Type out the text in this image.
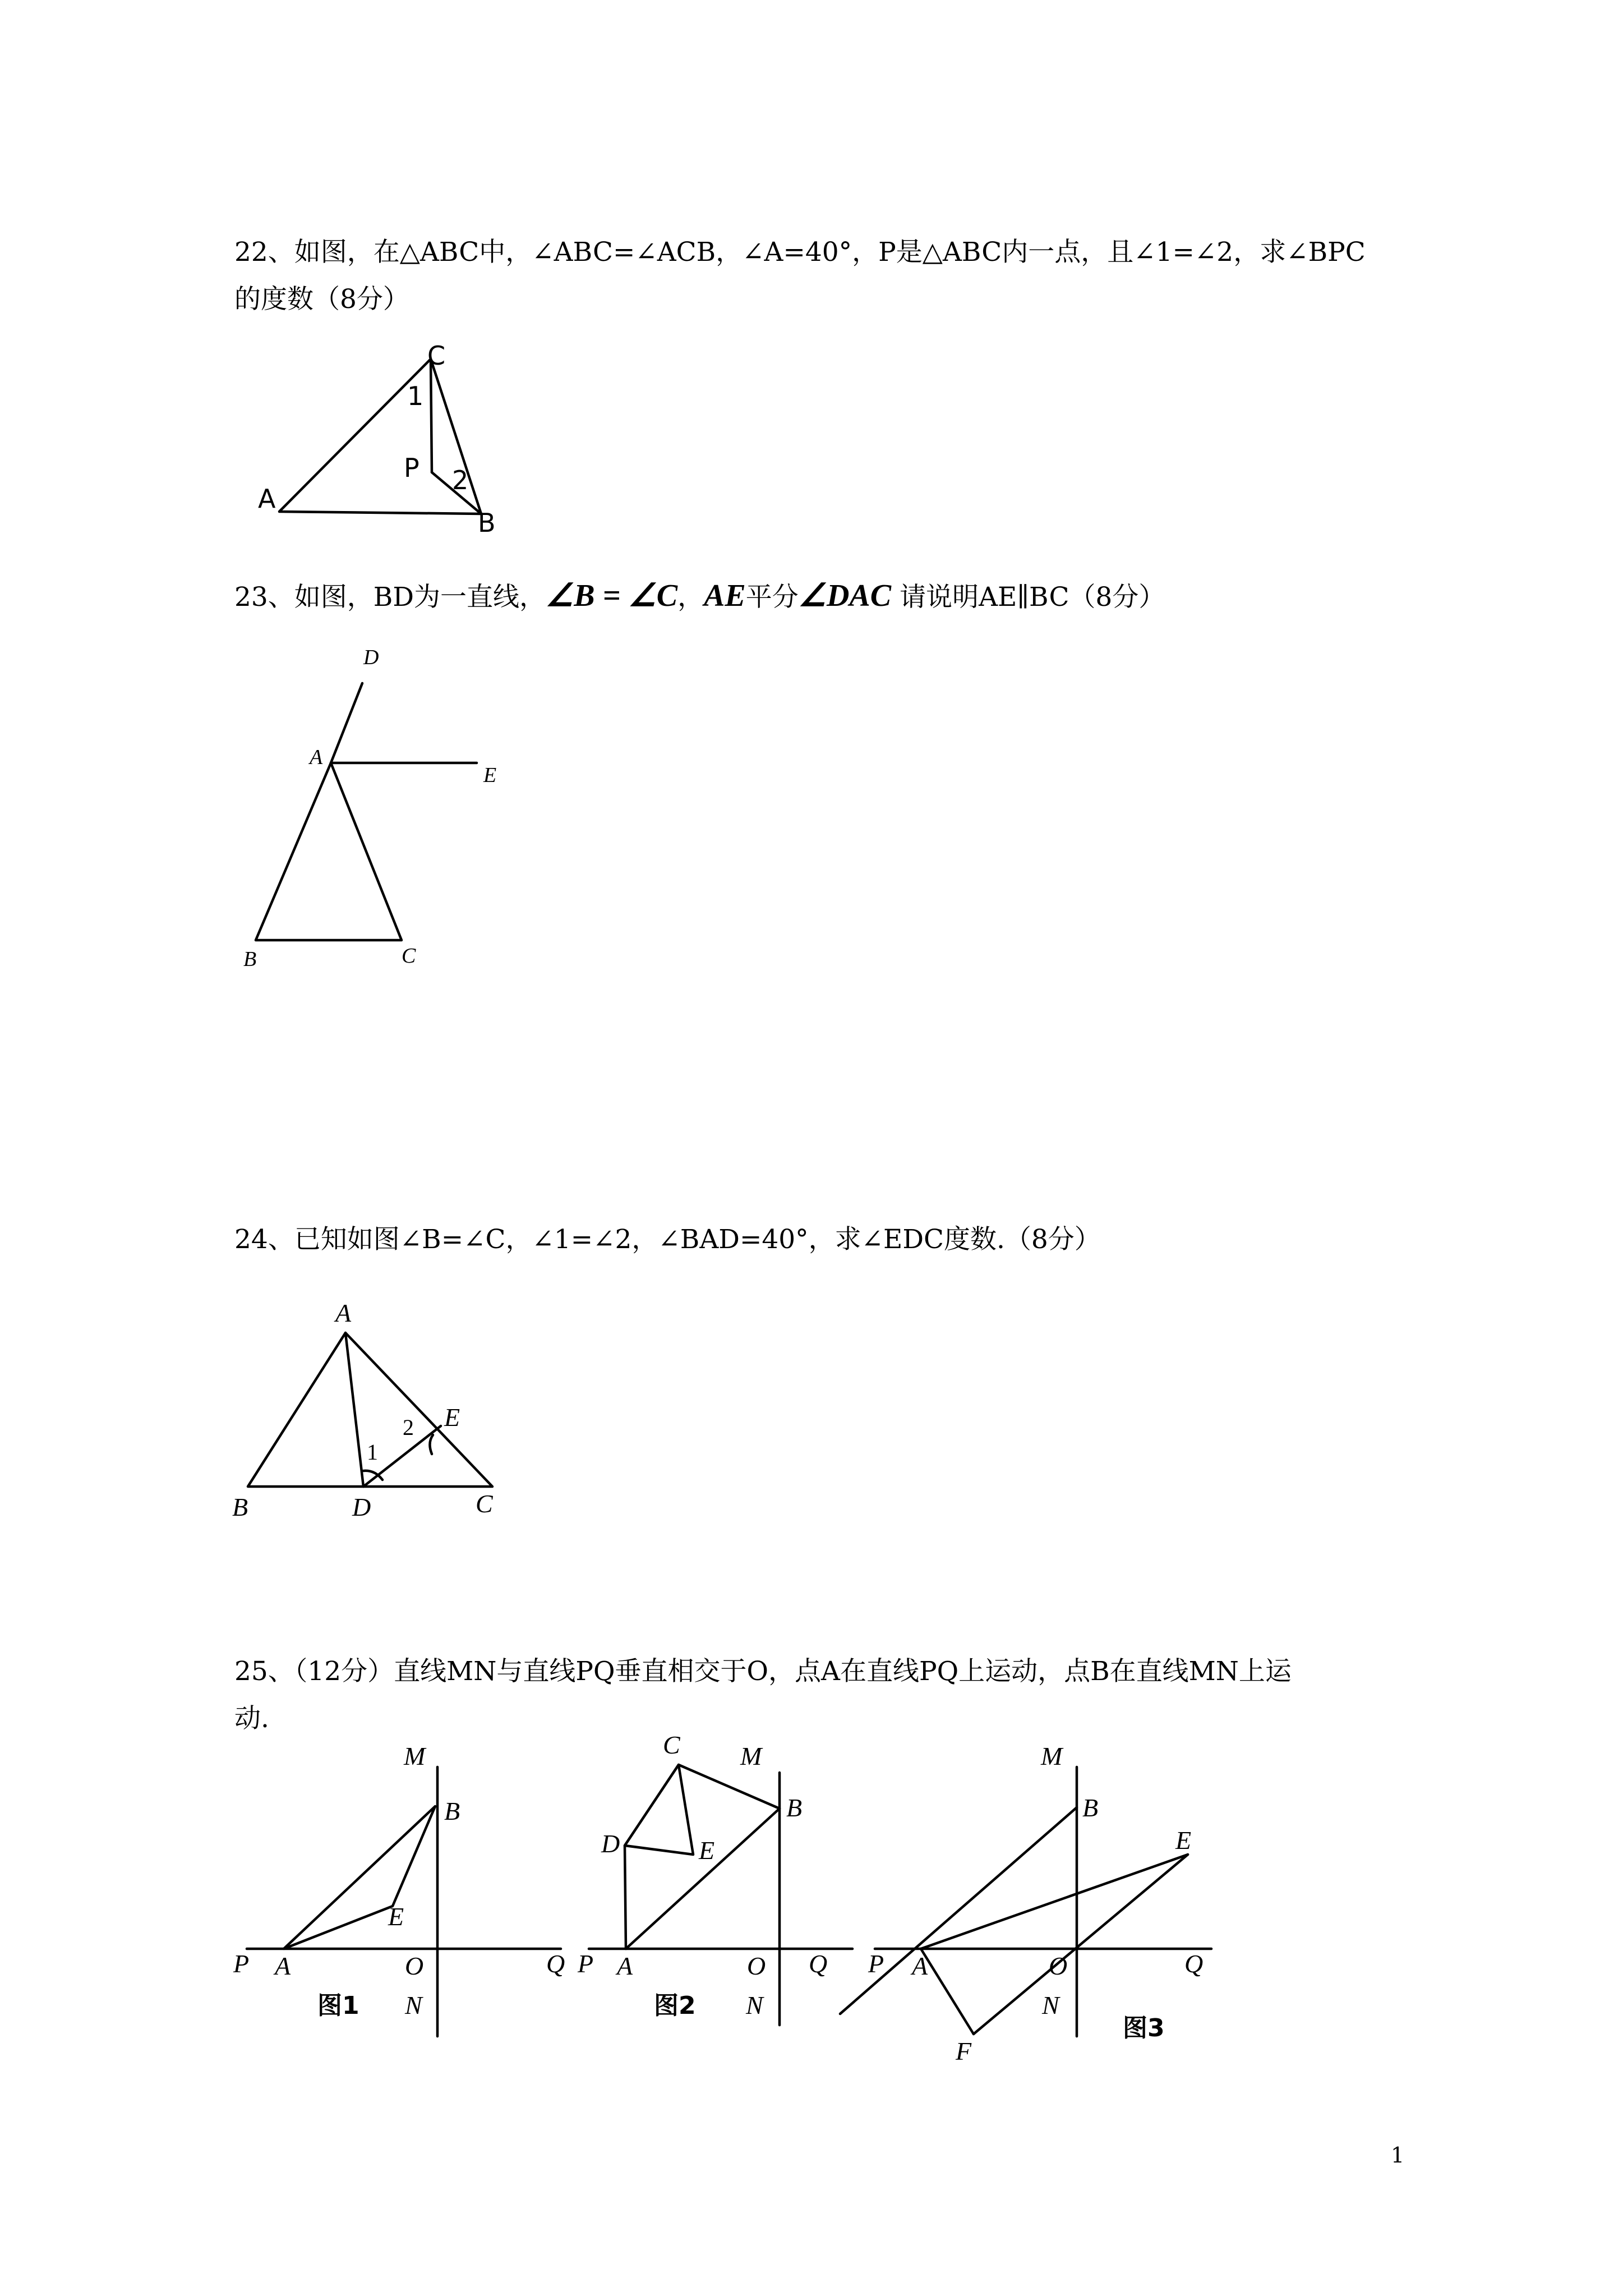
22、如图，在△ABC中，∠ABC=∠ACB，∠A=40°，P是△ABC内一点，且∠1=∠2，求∠BPC
的度数（8分）

A
B
C
P
1
2

23、如图，BD为一直线，∠B = ∠C，AE平分∠DAC 请说明AE∥BC（8分）

D
A
E
B	C

24、已知如图∠B=∠C，∠1=∠2，∠BAD=40°，求∠EDC度数.（8分）

A
B	D	C
E
1
2

25、（12分）直线MN与直线PQ垂直相交于O，点A在直线PQ上运动，点B在直线MN上运
动.

M
B
E
P A	O	Q
N
图1
C M
B
D	E
P A	O Q
N
图2
M
B
E
P A	O	Q
N
F
图3
1
